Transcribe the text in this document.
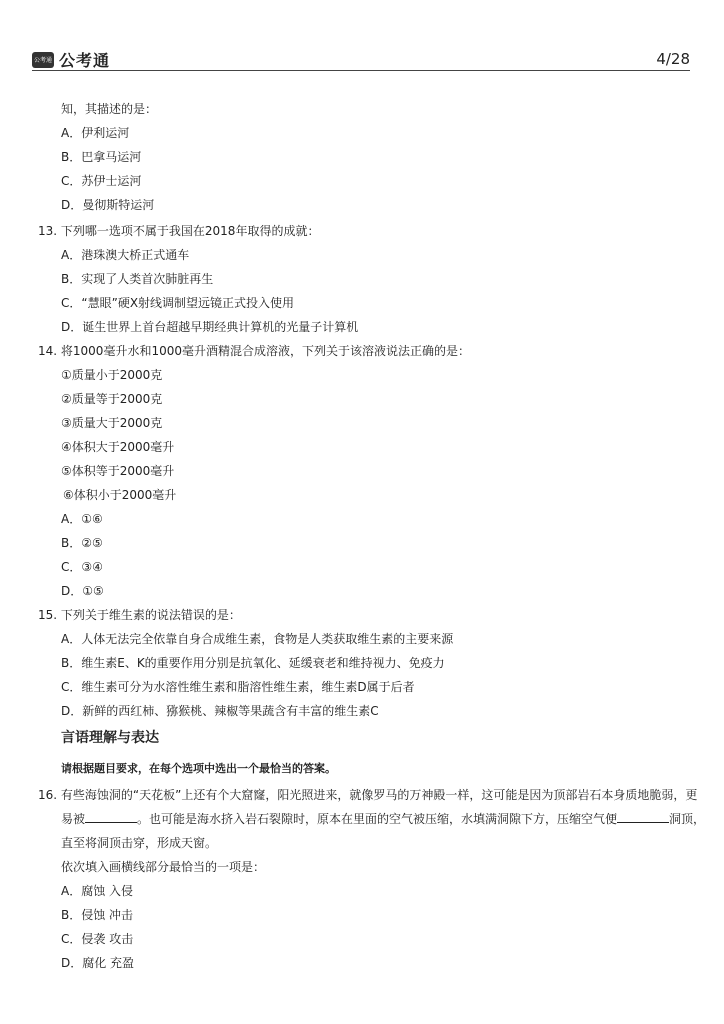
公考通 公考通	4/28
知，其描述的是：
A．伊利运河
B．巴拿马运河
C．苏伊士运河
D．曼彻斯特运河
13. 下列哪一选项不属于我国在2018年取得的成就：
A．港珠澳大桥正式通车
B．实现了人类首次肺脏再生
C．“慧眼”硬X射线调制望远镜正式投入使用
D．诞生世界上首台超越早期经典计算机的光量子计算机
14. 将1000毫升水和1000毫升酒精混合成溶液，下列关于该溶液说法正确的是：
①质量小于2000克
②质量等于2000克
③质量大于2000克
④体积大于2000毫升
⑤体积等于2000毫升
⑥体积小于2000毫升
A．①⑥
B．②⑤
C．③④
D．①⑤
15. 下列关于维生素的说法错误的是：
A．人体无法完全依靠自身合成维生素，食物是人类获取维生素的主要来源
B．维生素E、K的重要作用分别是抗氧化、延缓衰老和维持视力、免疫力
C．维生素可分为水溶性维生素和脂溶性维生素，维生素D属于后者
D．新鲜的西红柿、猕猴桃、辣椒等果蔬含有丰富的维生素C
言语理解与表达
请根据题目要求，在每个选项中选出一个最恰当的答案。
16. 有些海蚀洞的“天花板”上还有个大窟窿，阳光照进来，就像罗马的万神殿一样，这可能是因为顶部岩石本身质地脆弱，更
易被	。也可能是海水挤入岩石裂隙时，原本在里面的空气被压缩，水填满洞隙下方，压缩空气便	洞顶，
直至将洞顶击穿，形成天窗。
依次填入画横线部分最恰当的一项是：
A．腐蚀 入侵
B．侵蚀 冲击
C．侵袭 攻击
D．腐化 充盈
